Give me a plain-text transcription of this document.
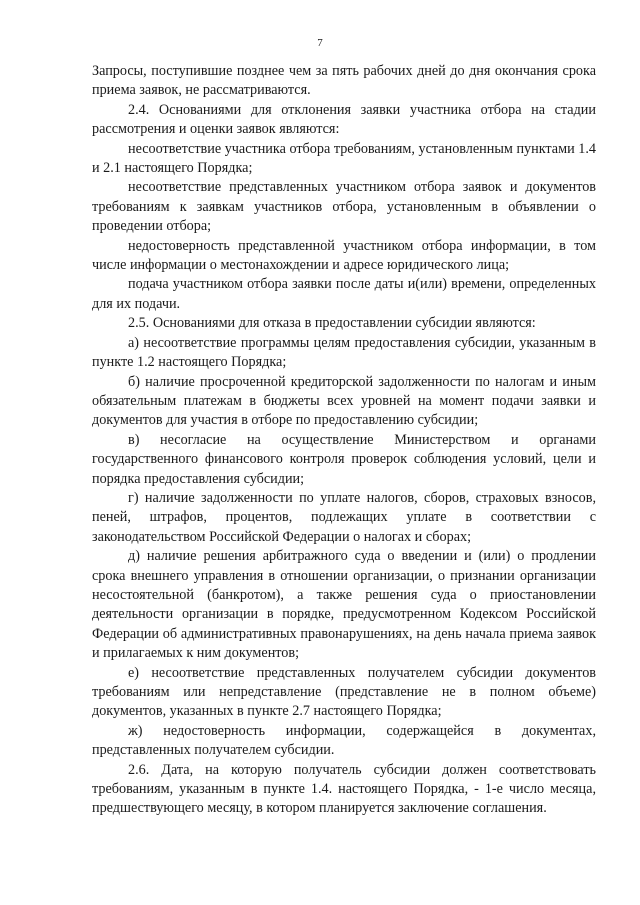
7

Запросы, поступившие позднее чем за пять рабочих дней до дня окончания срока приема заявок, не рассматриваются.

2.4. Основаниями для отклонения заявки участника отбора на стадии рассмотрения и оценки заявок являются:

несоответствие участника отбора требованиям, установленным пунктами 1.4 и 2.1 настоящего Порядка;

несоответствие представленных участником отбора заявок и документов требованиям к заявкам участников отбора, установленным в объявлении о проведении отбора;

недостоверность представленной участником отбора информации, в том числе информации о местонахождении и адресе юридического лица;

подача участником отбора заявки после даты и(или) времени, определенных для их подачи.

2.5. Основаниями для отказа в предоставлении субсидии являются:

а) несоответствие программы целям предоставления субсидии, указанным в пункте 1.2 настоящего Порядка;

б) наличие просроченной кредиторской задолженности по налогам и иным обязательным платежам в бюджеты всех уровней на момент подачи заявки и документов для участия в отборе по предоставлению субсидии;

в) несогласие на осуществление Министерством и органами государственного финансового контроля проверок соблюдения условий, цели и порядка предоставления субсидии;

г) наличие задолженности по уплате налогов, сборов, страховых взносов, пеней, штрафов, процентов, подлежащих уплате в соответствии с законодательством Российской Федерации о налогах и сборах;

д) наличие решения арбитражного суда о введении и (или) о продлении срока внешнего управления в отношении организации, о признании организации несостоятельной (банкротом), а также решения суда о приостановлении деятельности организации в порядке, предусмотренном Кодексом Российской Федерации об административных правонарушениях, на день начала приема заявок и прилагаемых к ним документов;

е) несоответствие представленных получателем субсидии документов требованиям или непредставление (представление не в полном объеме) документов, указанных в пункте 2.7 настоящего Порядка;

ж) недостоверность информации, содержащейся в документах, представленных получателем субсидии.

2.6. Дата, на которую получатель субсидии должен соответствовать требованиям, указанным в пункте 1.4. настоящего Порядка, - 1-е число месяца, предшествующего месяцу, в котором планируется заключение соглашения.
